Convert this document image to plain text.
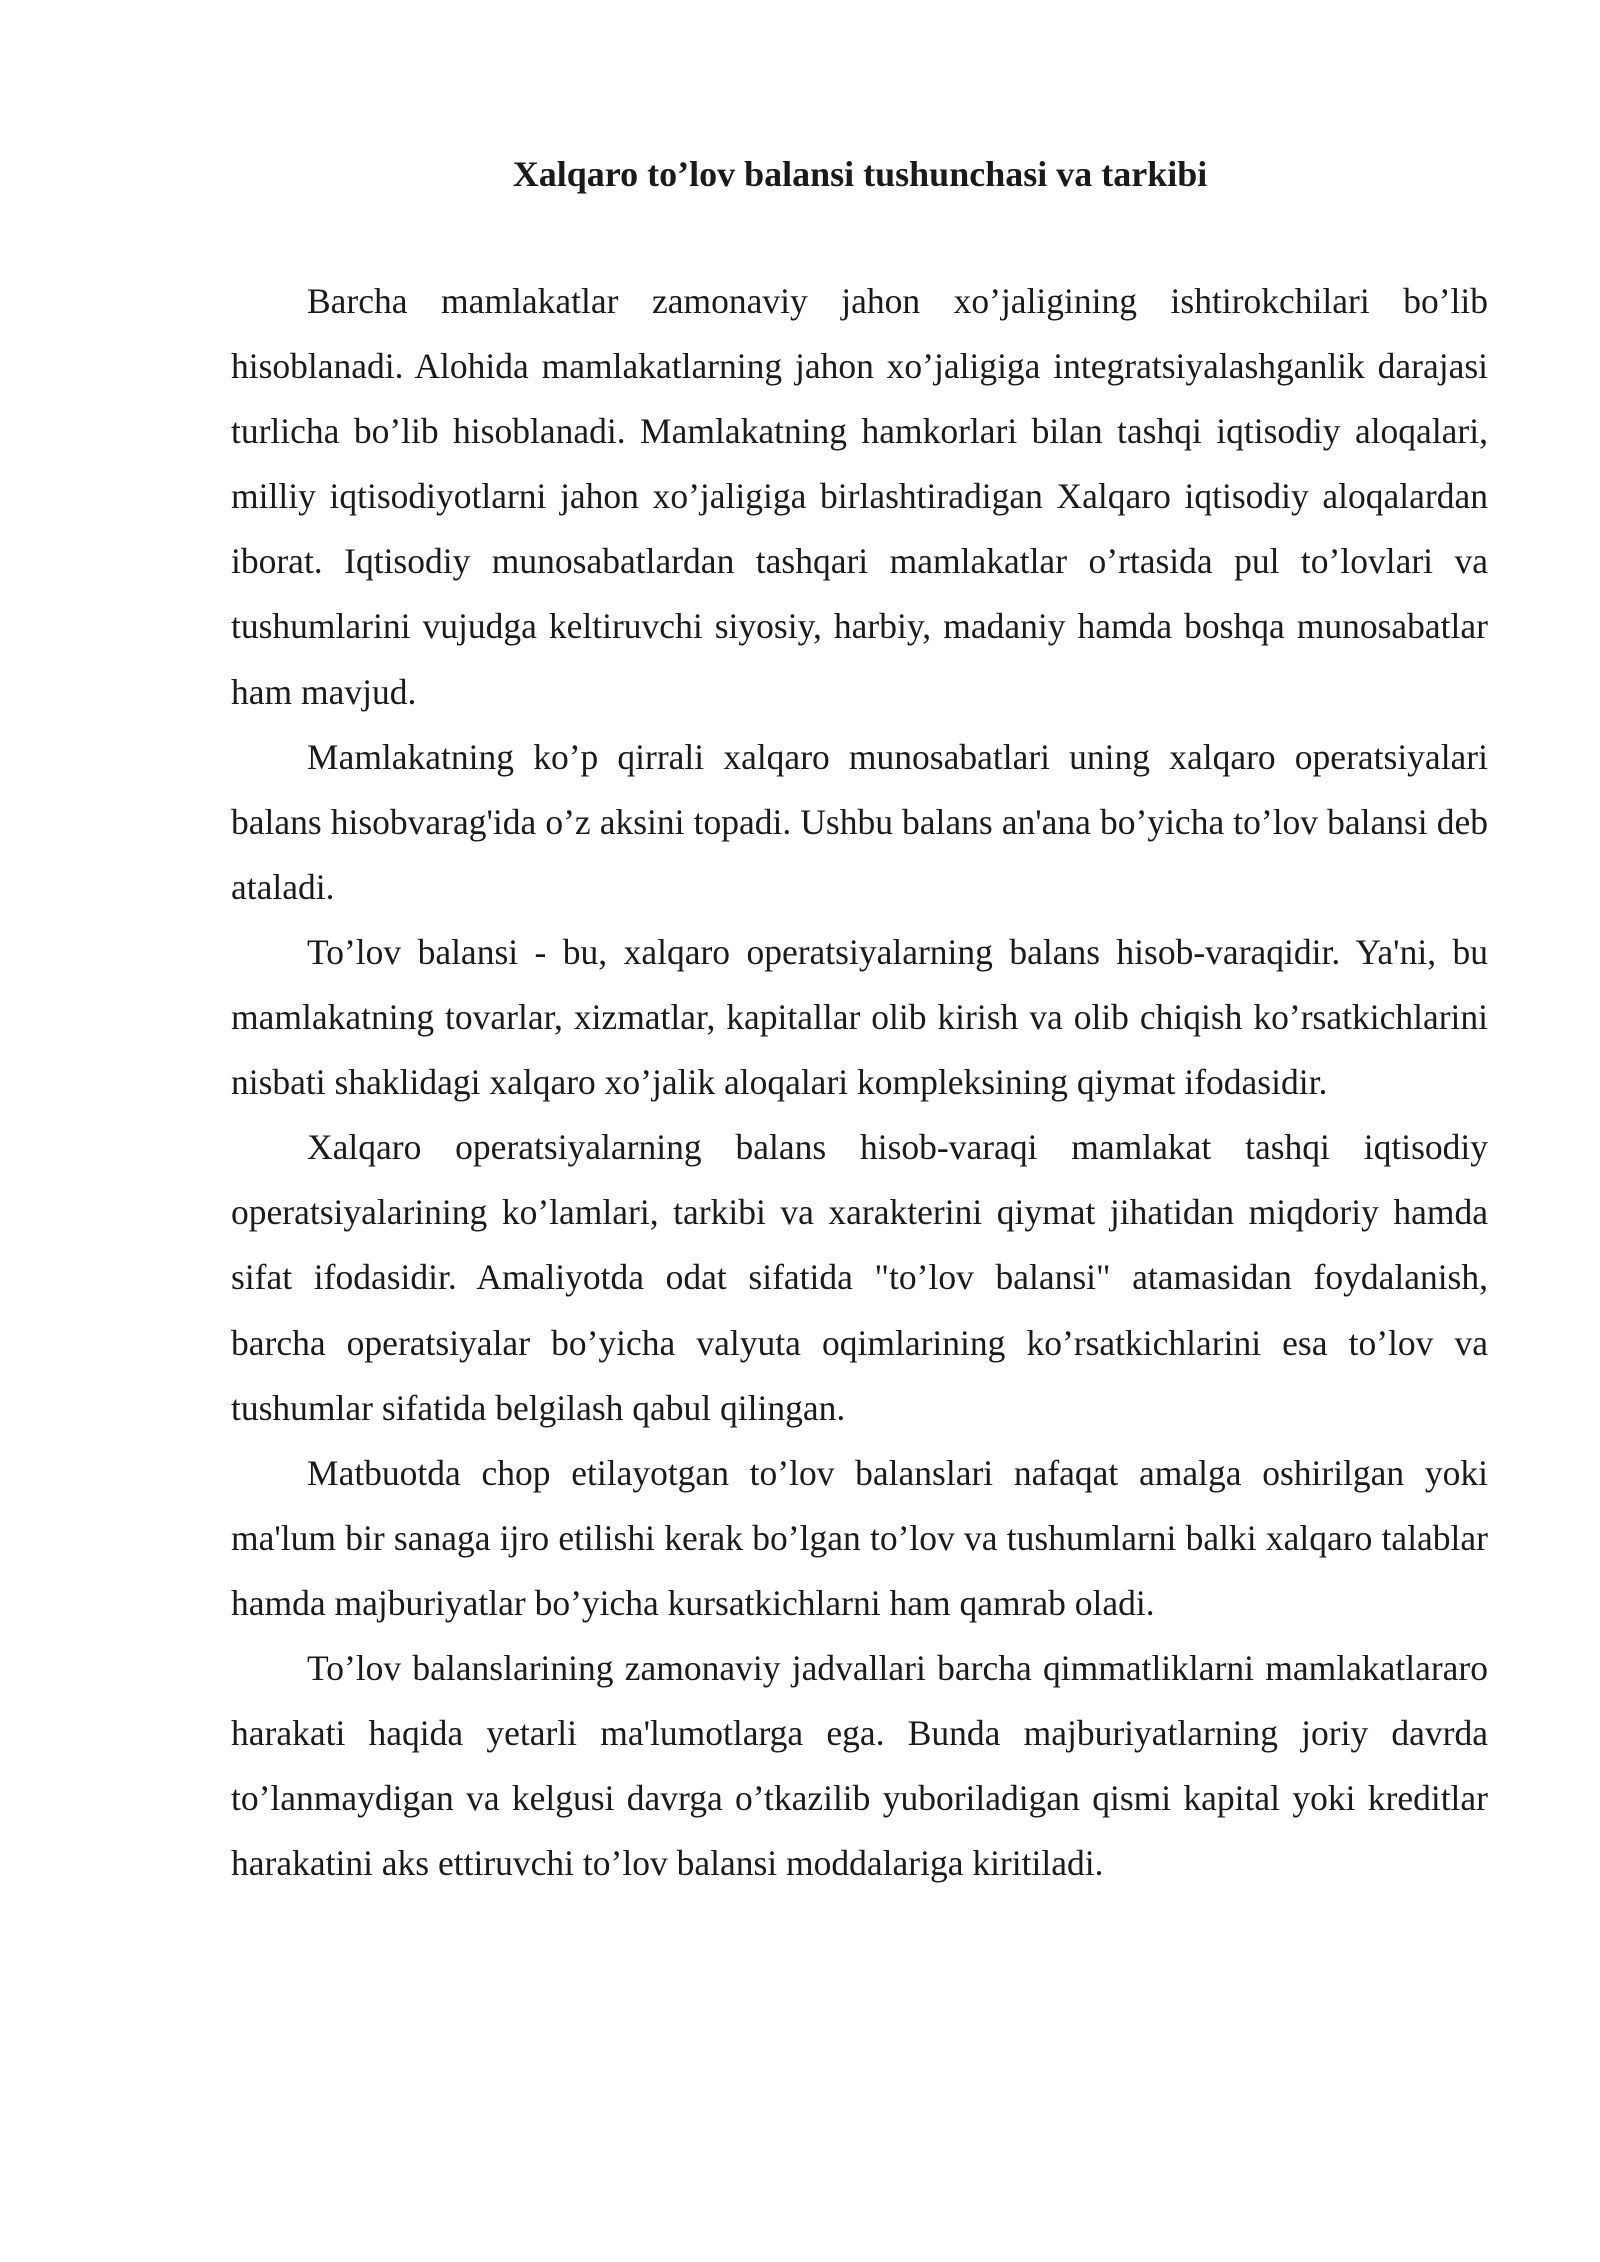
Xalqaro to’lov balansi tushunchasi va tarkibi

Barcha mamlakatlar zamonaviy jahon xo’jaligining ishtirokchilari bo’lib hisoblanadi. Alohida mamlakatlarning jahon xo’jaligiga integratsiyalashganlik darajasi turlicha bo’lib hisoblanadi. Mamlakatning hamkorlari bilan tashqi iqtisodiy aloqalari, milliy iqtisodiyotlarni jahon xo’jaligiga birlashtiradigan Xalqaro iqtisodiy aloqalardan iborat. Iqtisodiy munosabatlardan tashqari mamlakatlar o’rtasida pul to’lovlari va tushumlarini vujudga keltiruvchi siyosiy, harbiy, madaniy hamda boshqa munosabatlar ham mavjud.

Mamlakatning ko’p qirrali xalqaro munosabatlari uning xalqaro operatsiyalari balans hisobvarag'ida o’z aksini topadi. Ushbu balans an'ana bo’yicha to’lov balansi deb ataladi.

To’lov balansi - bu, xalqaro operatsiyalarning balans hisob-varaqidir. Ya'ni, bu mamlakatning tovarlar, xizmatlar, kapitallar olib kirish va olib chiqish ko’rsatkichlarini nisbati shaklidagi xalqaro xo’jalik aloqalari kompleksining qiymat ifodasidir.

Xalqaro operatsiyalarning balans hisob-varaqi mamlakat tashqi iqtisodiy operatsiyalarining ko’lamlari, tarkibi va xarakterini qiymat jihatidan miqdoriy hamda sifat ifodasidir. Amaliyotda odat sifatida "to’lov balansi" atamasidan foydalanish, barcha operatsiyalar bo’yicha valyuta oqimlarining ko’rsatkichlarini esa to’lov va tushumlar sifatida belgilash qabul qilingan.

Matbuotda chop etilayotgan to’lov balanslari nafaqat amalga oshirilgan yoki ma'lum bir sanaga ijro etilishi kerak bo’lgan to’lov va tushumlarni balki xalqaro talablar hamda majburiyatlar bo’yicha kursatkichlarni ham qamrab oladi.

To’lov balanslarining zamonaviy jadvallari barcha qimmatliklarni mamlakatlararo harakati haqida yetarli ma'lumotlarga ega. Bunda majburiyatlarning joriy davrda to’lanmaydigan va kelgusi davrga o’tkazilib yuboriladigan qismi kapital yoki kreditlar harakatini aks ettiruvchi to’lov balansi moddalariga kiritiladi.
